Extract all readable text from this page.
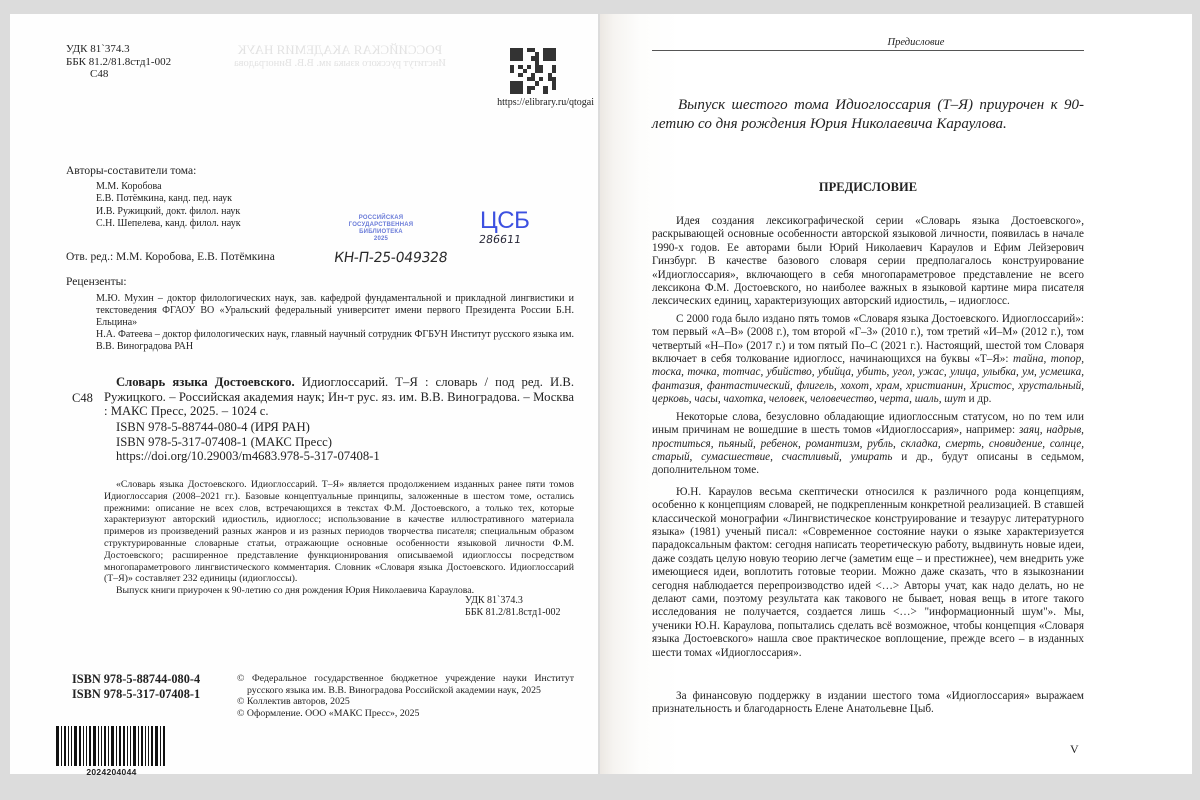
УДК 81`374.3
ББК 81.2/81.8стд1-002
С48
РОССИЙСКАЯ АКАДЕМИЯ НАУК
Институт русского языка им. В.В. Виноградова
https://elibrary.ru/qtogai
Авторы-составители тома:
М.М. Коробова
Е.В. Потёмкина, канд. пед. наук
И.В. Ружицкий, докт. филол. наук
С.Н. Шепелева, канд. филол. наук
Отв. ред.: М.М. Коробова, Е.В. Потёмкина
РОССИЙСКАЯ
ГОСУДАРСТВЕННАЯ
БИБЛИОТЕКА
2025
ЦСБ
286611
КН-П-25-049328
Рецензенты:

М.Ю. Мухин – доктор филологических наук, зав. кафедрой фундаментальной и прикладной лингвистики и текстоведения ФГАОУ ВО «Уральский федеральный университет имени первого Президента России Б.Н. Ельцина»

Н.А. Фатеева – доктор филологических наук, главный научный сотрудник ФГБУН Институт русского языка им. В.В. Виноградова РАН

С48
Словарь языка Достоевского. Идиоглоссарий. Т–Я : словарь / под ред. И.В. Ружицкого. – Российская академия наук; Ин-т рус. яз. им. В.В. Виноградова. – Москва : МАКС Пресс, 2025. – 1024 с.
ISBN 978-5-88744-080-4 (ИРЯ РАН)
ISBN 978-5-317-07408-1 (МАКС Пресс)
https://doi.org/10.29003/m4683.978-5-317-07408-1

«Словарь языка Достоевского. Идиоглоссарий. Т–Я» является продолжением изданных ранее пяти томов Идиоглоссария (2008–2021 гг.). Базовые концептуальные принципы, заложенные в шестом томе, остались прежними: описание не всех слов, встречающихся в текстах Ф.М. Достоевского, а только тех, которые характеризуют авторский идиостиль, идиоглосс; использование в качестве иллюстративного материала примеров из произведений разных жанров и из разных периодов творчества писателя; специальным образом структурированные словарные статьи, отражающие основные особенности языковой личности Ф.М. Достоевского; расширенное представление функционирования описываемой идиоглоссы посредством многопараметрового лингвистического комментария. Словник «Словаря языка Достоевского. Идиоглоссарий (Т–Я)» составляет 232 единицы (идиоглоссы).

Выпуск книги приурочен к 90-летию со дня рождения Юрия Николаевича Караулова.

УДК 81`374.3
ББК 81.2/81.8стд1-002
ISBN 978-5-88744-080-4
ISBN 978-5-317-07408-1
2024204044

© Федеральное государственное бюджетное учреждение науки Институт русского языка им. В.В. Виноградова Российской академии наук, 2025

© Коллектив авторов, 2025

© Оформление. ООО «МАКС Пресс», 2025

Предисловие
Выпуск шестого тома Идиоглоссария (Т–Я) приурочен к 90-летию со дня рождения Юрия Николаевича Караулова.
ПРЕДИСЛОВИЕ

Идея создания лексикографической серии «Словарь языка Достоевского», раскрывающей основные особенности авторской языковой личности, появилась в начале 1990-х годов. Ее авторами были Юрий Николаевич Караулов и Ефим Лейзерович Гинзбург. В качестве базового словаря серии предполагалось конструирование «Идиоглоссария», включающего в себя многопараметровое представление не всего лексикона Ф.М. Достоевского, но наиболее важных в языковой картине мира писателя лексических единиц, характеризующих авторский идиостиль, – идиоглосс.

С 2000 года было издано пять томов «Словаря языка Достоевского. Идиоглоссарий»: том первый «А–В» (2008 г.), том второй «Г–З» (2010 г.), том третий «И–М» (2012 г.), том четвертый «Н–По» (2017 г.) и том пятый По–С (2021 г.). Настоящий, шестой том Словаря включает в себя толкование идиоглосс, начинающихся на буквы «Т–Я»: тайна, топор, тоска, точка, тотчас, убийство, убийца, убить, угол, ужас, улица, улыбка, ум, усмешка, фантазия, фантастический, флигель, хохот, храм, христианин, Христос, хрустальный, церковь, часы, чахотка, человек, человечество, черта, шаль, шут и др.

Некоторые слова, безусловно обладающие идиоглоссным статусом, но по тем или иным причинам не вошедшие в шесть томов «Идиоглоссария», например: заяц, надрыв, проститься, пьяный, ребенок, романтизм, рубль, складка, смерть, сновидение, солнце, старый, сумасшествие, счастливый, умирать и др., будут описаны в седьмом, дополнительном томе.

Ю.Н. Караулов весьма скептически относился к различного рода концепциям, особенно к концепциям словарей, не подкрепленным конкретной реализацией. В ставшей классической монографии «Лингвистическое конструирование и тезаурус литературного языка» (1981) ученый писал: «Современное состояние науки о языке характеризуется парадоксальным фактом: сегодня написать теоретическую работу, выдвинуть новые идеи, даже создать целую новую теорию легче (заметим еще – и престижнее), чем внедрить уже имеющиеся идеи, воплотить готовые теории. Можно даже сказать, что в языкознании сегодня наблюдается перепроизводство идей <…> Авторы учат, как надо делать, но не делают сами, поэтому результата как такового не бывает, новая вещь в итоге такого исследования не получается, создается лишь <…> "информационный шум"». Мы, ученики Ю.Н. Караулова, попытались сделать всё возможное, чтобы концепция «Словаря языка Достоевского» нашла свое практическое воплощение, прежде всего – в изданных шести томах «Идиоглоссария».

За финансовую поддержку в издании шестого тома «Идиоглоссария» выражаем признательность и благодарность Елене Анатольевне Цыб.

V
